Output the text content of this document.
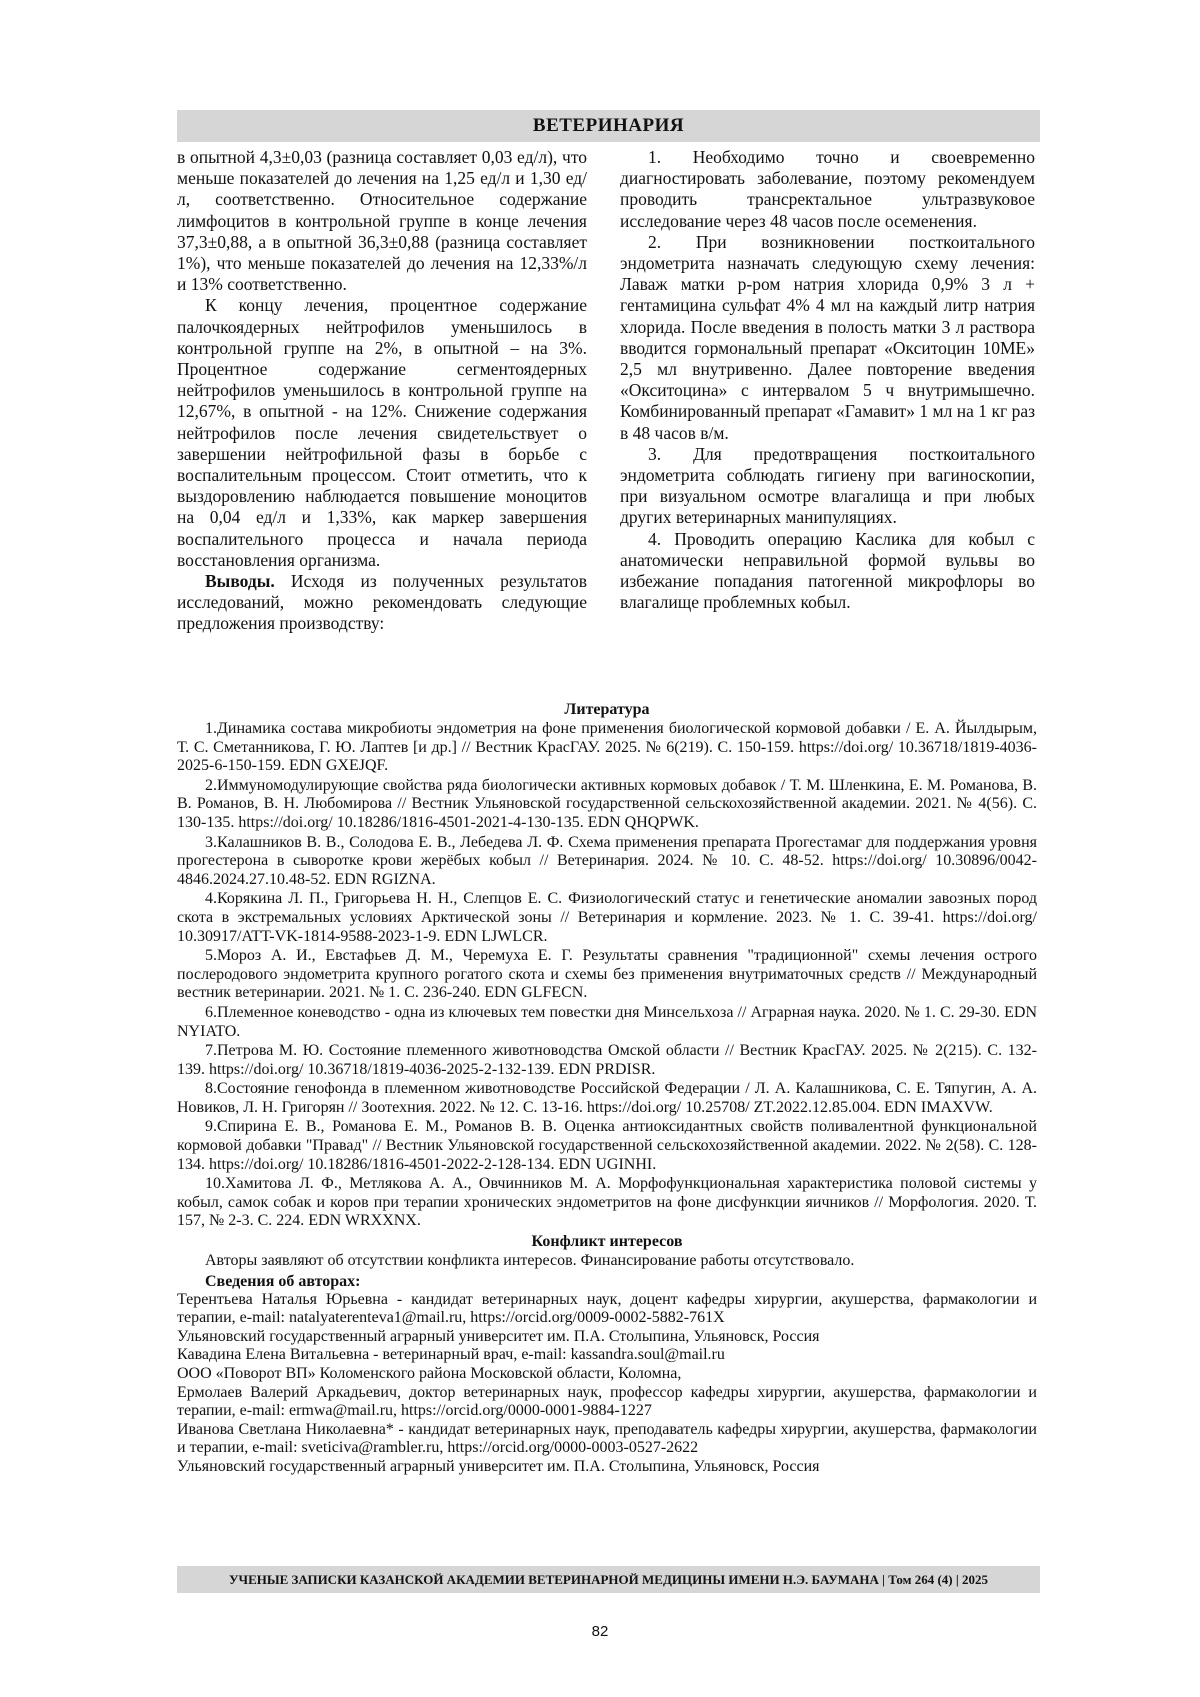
ВЕТЕРИНАРИЯ

в опытной 4,3±0,03 (разница составляет 0,03 ед/л), что меньше показателей до лечения на 1,25 ед/л и 1,30 ед/л, соответственно. Относительное содержание лимфоцитов в контрольной группе в конце лечения 37,3±0,88, а в опытной 36,3±0,88 (разница составляет 1%), что меньше показателей до лечения на 12,33%/л и 13% соответственно.

К концу лечения, процентное содержание палочкоядерных нейтрофилов уменьшилось в контрольной группе на 2%, в опытной – на 3%. Процентное содержание сегментоядерных нейтрофилов уменьшилось в контрольной группе на 12,67%, в опытной - на 12%. Снижение содержания нейтрофилов после лечения свидетельствует о завершении нейтрофильной фазы в борьбе с воспалительным процессом. Стоит отметить, что к выздоровлению наблюдается повышение моноцитов на 0,04 ед/л и 1,33%, как маркер завершения воспалительного процесса и начала периода восстановления организма.

Выводы. Исходя из полученных результатов исследований, можно рекомендовать следующие предложения производству:

1. Необходимо точно и своевременно диагностировать заболевание, поэтому рекомендуем проводить трансректальное ультразвуковое исследование через 48 часов после осеменения.

2. При возникновении посткоитального эндометрита назначать следующую схему лечения: Лаваж матки р-ром натрия хлорида 0,9% 3 л + гентамицина сульфат 4% 4 мл на каждый литр натрия хлорида. После введения в полость матки 3 л раствора вводится гормональный препарат «Окситоцин 10МЕ» 2,5 мл внутривенно. Далее повторение введения «Окситоцина» с интервалом 5 ч внутримышечно. Комбинированный препарат «Гамавит» 1 мл на 1 кг раз в 48 часов в/м.

3. Для предотвращения посткоитального эндометрита соблюдать гигиену при вагиноскопии, при визуальном осмотре влагалища и при любых других ветеринарных манипуляциях.

4. Проводить операцию Каслика для кобыл с анатомически неправильной формой вульвы во избежание попадания патогенной микрофлоры во влагалище проблемных кобыл.

Литература

1.Динамика состава микробиоты эндометрия на фоне применения биологической кормовой добавки / Е. А. Йылдырым, Т. С. Сметанникова, Г. Ю. Лаптев [и др.] // Вестник КрасГАУ. 2025. № 6(219). С. 150-159. https://doi.org/ 10.36718/1819-4036-2025-6-150-159. EDN GXEJQF.

2.Иммуномодулирующие свойства ряда биологически активных кормовых добавок / Т. М. Шленкина, Е. М. Романова, В. В. Романов, В. Н. Любомирова // Вестник Ульяновской государственной сельскохозяйственной академии. 2021. № 4(56). С. 130-135. https://doi.org/ 10.18286/1816-4501-2021-4-130-135. EDN QHQPWK.

3.Калашников В. В., Солодова Е. В., Лебедева Л. Ф. Схема применения препарата Прогестамаг для поддержания уровня прогестерона в сыворотке крови жерёбых кобыл // Ветеринария. 2024. № 10. С. 48-52. https://doi.org/ 10.30896/0042-4846.2024.27.10.48-52. EDN RGIZNA.

4.Корякина Л. П., Григорьева Н. Н., Слепцов Е. С. Физиологический статус и генетические аномалии завозных пород скота в экстремальных условиях Арктической зоны // Ветеринария и кормление. 2023. № 1. С. 39-41. https://doi.org/ 10.30917/ATT-VK-1814-9588-2023-1-9. EDN LJWLCR.

5.Мороз А. И., Евстафьев Д. М., Черемуха Е. Г. Результаты сравнения "традиционной" схемы лечения острого послеродового эндометрита крупного рогатого скота и схемы без применения внутриматочных средств // Международный вестник ветеринарии. 2021. № 1. С. 236-240. EDN GLFECN.

6.Племенное коневодство - одна из ключевых тем повестки дня Минсельхоза // Аграрная наука. 2020. № 1. С. 29-30. EDN NYIATO.

7.Петрова М. Ю. Состояние племенного животноводства Омской области // Вестник КрасГАУ. 2025. № 2(215). С. 132-139. https://doi.org/ 10.36718/1819-4036-2025-2-132-139. EDN PRDISR.

8.Состояние генофонда в племенном животноводстве Российской Федерации / Л. А. Калашникова, С. Е. Тяпугин, А. А. Новиков, Л. Н. Григорян // Зоотехния. 2022. № 12. С. 13-16. https://doi.org/ 10.25708/ ZT.2022.12.85.004. EDN IMAXVW.

9.Спирина Е. В., Романова Е. М., Романов В. В. Оценка антиоксидантных свойств поливалентной функциональной кормовой добавки "Правад" // Вестник Ульяновской государственной сельскохозяйственной академии. 2022. № 2(58). С. 128-134. https://doi.org/ 10.18286/1816-4501-2022-2-128-134. EDN UGINHI.

10.Хамитова Л. Ф., Метлякова А. А., Овчинников М. А. Морфофункциональная характеристика половой системы у кобыл, самок собак и коров при терапии хронических эндометритов на фоне дисфункции яичников // Морфология. 2020. Т. 157, № 2-3. С. 224. EDN WRXXNX.

Конфликт интересов

Авторы заявляют об отсутствии конфликта интересов. Финансирование работы отсутствовало.

Сведения об авторах:

Терентьева Наталья Юрьевна - кандидат ветеринарных наук, доцент кафедры хирургии, акушерства, фармакологии и терапии, e-mail: natalyaterenteva1@mail.ru, https://orcid.org/0009-0002-5882-761X

Ульяновский государственный аграрный университет им. П.А. Столыпина, Ульяновск, Россия

Кавадина Елена Витальевна - ветеринарный врач, e-mail: kassandra.soul@mail.ru

ООО «Поворот ВП» Коломенского района Московской области, Коломна,

Ермолаев Валерий Аркадьевич, доктор ветеринарных наук, профессор кафедры хирургии, акушерства, фармакологии и терапии, e-mail: ermwa@mail.ru, https://orcid.org/0000-0001-9884-1227

Иванова Светлана Николаевна* - кандидат ветеринарных наук, преподаватель кафедры хирургии, акушерства, фармакологии и терапии, e-mail: sveticiva@rambler.ru, https://orcid.org/0000-0003-0527-2622

Ульяновский государственный аграрный университет им. П.А. Столыпина, Ульяновск, Россия

УЧЕНЫЕ ЗАПИСКИ КАЗАНСКОЙ АКАДЕМИИ ВЕТЕРИНАРНОЙ МЕДИЦИНЫ ИМЕНИ Н.Э. БАУМАНА | Том 264 (4) | 2025
82
